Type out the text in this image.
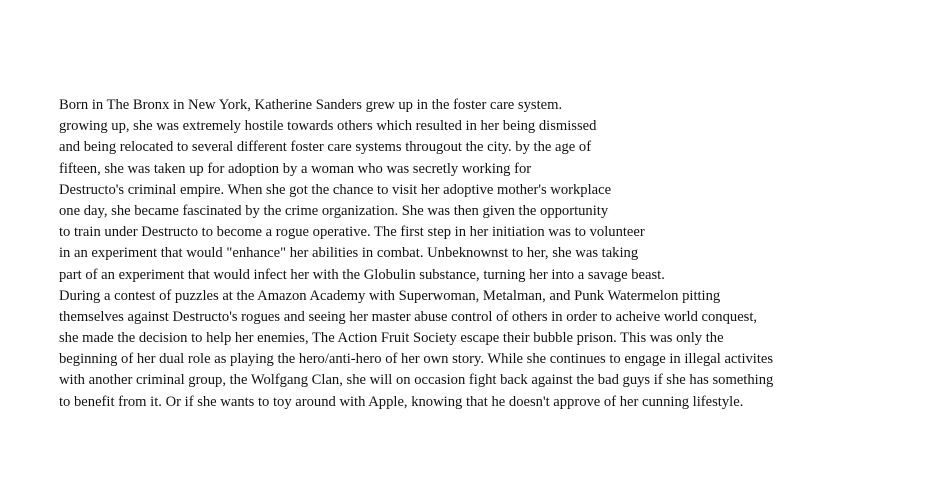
Born in The Bronx in New York, Katherine Sanders grew up in the foster care system.
growing up, she was extremely hostile towards others which resulted in her being dismissed
and being relocated to several different foster care systems througout the city. by the age of
fifteen, she was taken up for adoption by a woman who was secretly working for
Destructo's criminal empire. When she got the chance to visit her adoptive mother's workplace
one day, she became fascinated by the crime organization. She was then given the opportunity
to train under Destructo to become a rogue operative. The first step in her initiation was to volunteer
in an experiment that would "enhance" her abilities in combat. Unbeknownst to her, she was taking
part of an experiment that would infect her with the Globulin substance, turning her into a savage beast.
During a contest of puzzles at the Amazon Academy with Superwoman, Metalman, and Punk Watermelon pitting
themselves against Destructo's rogues and seeing her master abuse control of others in order to acheive world conquest,
she made the decision to help her enemies, The Action Fruit Society escape their bubble prison. This was only the
beginning of her dual role as playing the hero/anti-hero of her own story. While she continues to engage in illegal activites
with another criminal group, the Wolfgang Clan, she will on occasion fight back against the bad guys if she has something
to benefit from it. Or if she wants to toy around with Apple, knowing that he doesn't approve of her cunning lifestyle.
